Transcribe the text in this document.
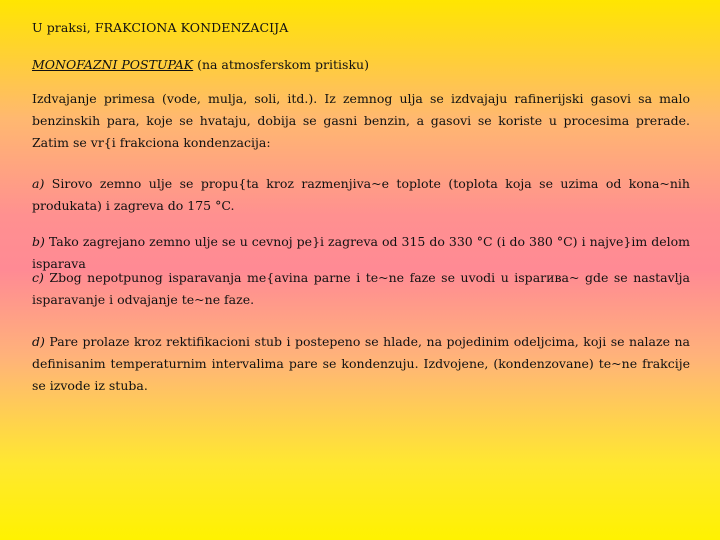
U praksi, FRAKCIONA KONDENZACIJA
MONOFAZNI POSTUPAK (na atmosferskom pritisku)
Izdvajanje primesa (vode, mulja, soli, itd.). Iz zemnog ulja se izdvajaju rafinerijski gasovi sa malo benzinskih para, koje se hvataju, dobija se gasni benzin, a gasovi se koriste u procesima prerade. Zatim se vr{i frakciona kondenzacija:
a) Sirovo zemno ulje se propu{ta kroz razmenjiva~e toplote (toplota koja se uzima od kona~nih produkata) i zagreva do 175 °C.
b) Tako zagrejano zemno ulje se u cevnoj pe}i zagreva od 315 do 330 °C (i do 380 °C) i najve}im delom isparava
c) Zbog nepotpunog isparavanja me{avina parne i te~ne faze se uvodi u isparива~ gde se nastavlja isparavanje i odvajanje te~ne faze.
d) Pare prolaze kroz rektifikacioni stub i postepeno se hlade, na pojedinim odeljcima, koji se nalaze na definisanim temperaturnim intervalima pare se kondenzuju. Izdvojene, (kondenzovane) te~ne frakcije se izvode iz stuba.
